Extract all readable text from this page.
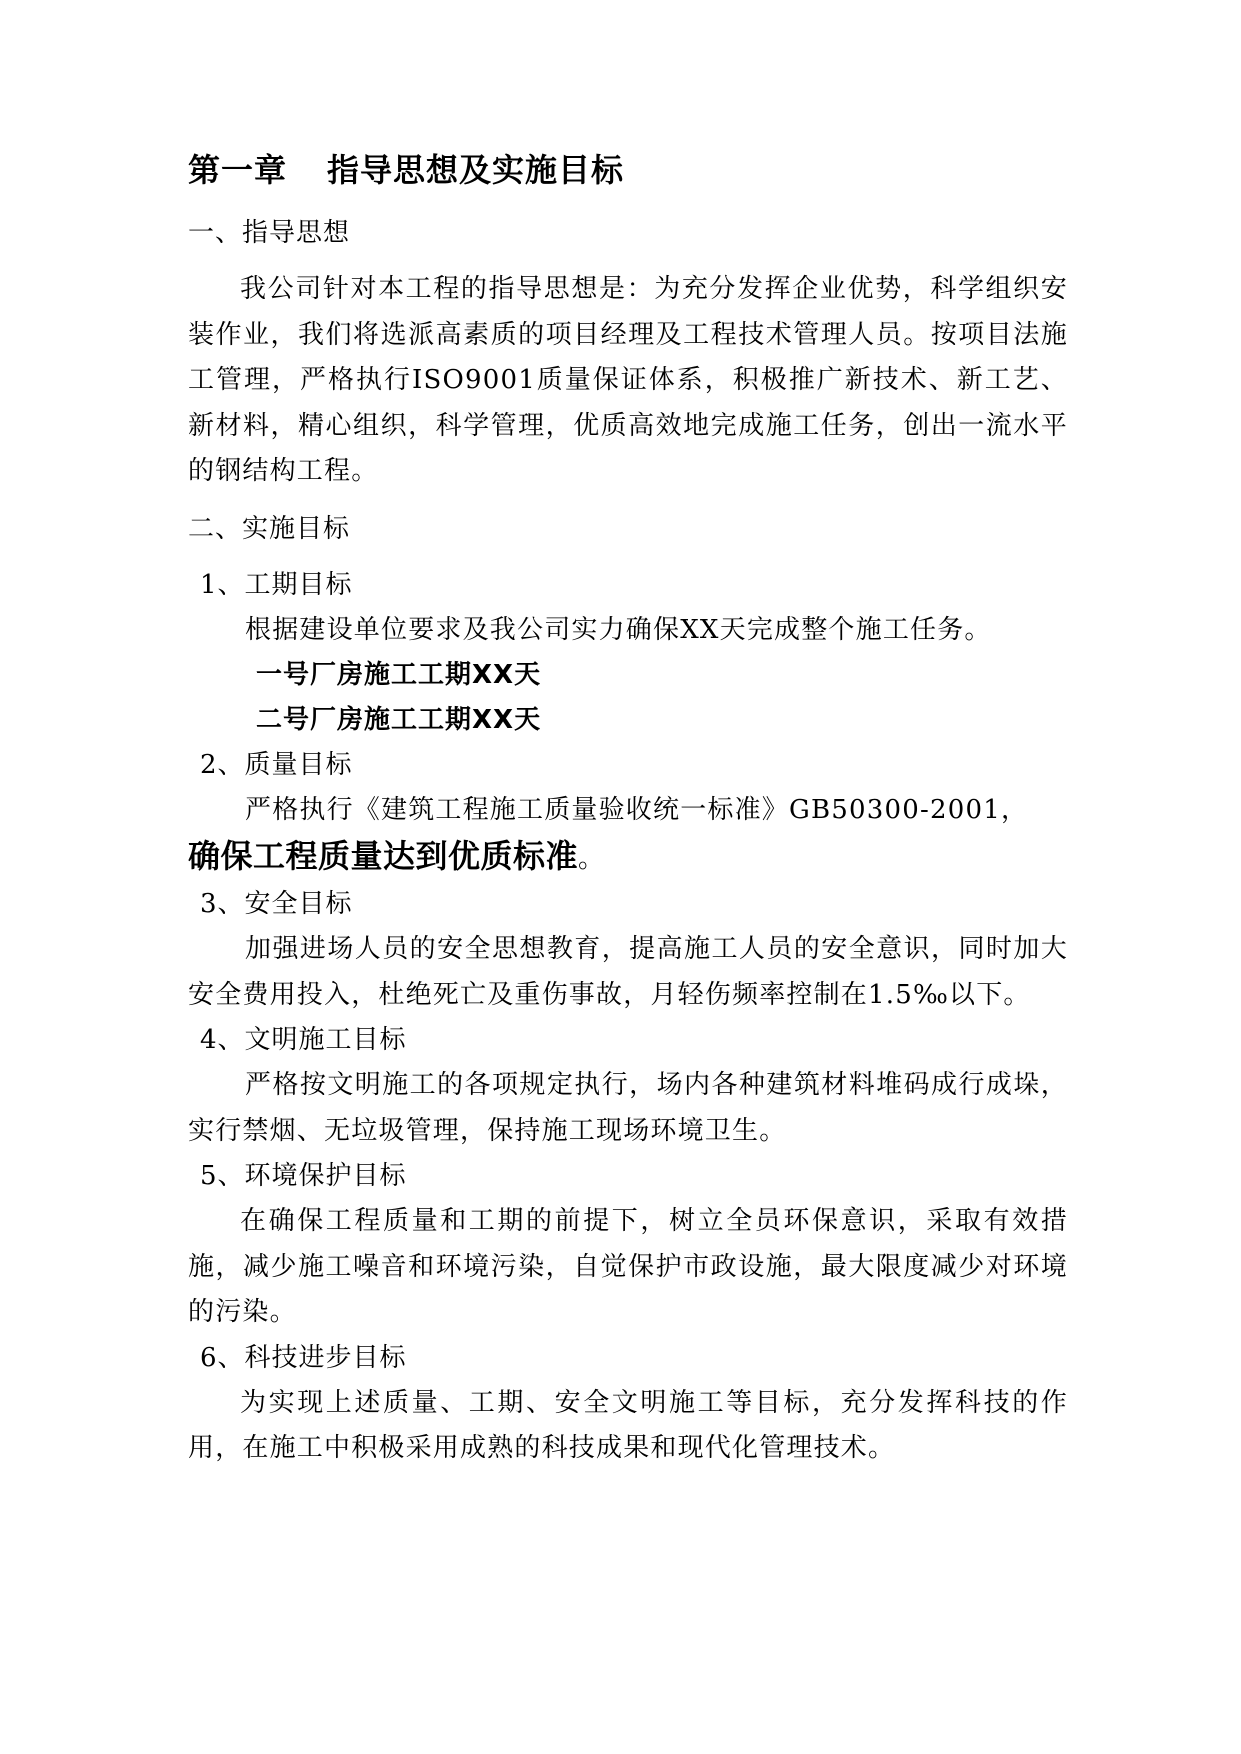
第一章 指导思想及实施目标

一、指导思想

我公司针对本工程的指导思想是：为充分发挥企业优势，科学组织安装作业，我们将选派高素质的项目经理及工程技术管理人员。按项目法施工管理，严格执行ISO9001质量保证体系，积极推广新技术、新工艺、新材料，精心组织，科学管理，优质高效地完成施工任务，创出一流水平的钢结构工程。

二、实施目标

1、工期目标

根据建设单位要求及我公司实力确保XX天完成整个施工任务。

一号厂房施工工期XX天

二号厂房施工工期XX天

2、质量目标

严格执行《建筑工程施工质量验收统一标准》GB50300-2001，

确保工程质量达到优质标准。

3、安全目标

加强进场人员的安全思想教育，提高施工人员的安全意识，同时加大安全费用投入，杜绝死亡及重伤事故，月轻伤频率控制在1.5‰以下。

4、文明施工目标

严格按文明施工的各项规定执行，场内各种建筑材料堆码成行成垛，实行禁烟、无垃圾管理，保持施工现场环境卫生。

5、环境保护目标

在确保工程质量和工期的前提下，树立全员环保意识，采取有效措施，减少施工噪音和环境污染，自觉保护市政设施，最大限度减少对环境的污染。

6、科技进步目标

为实现上述质量、工期、安全文明施工等目标，充分发挥科技的作用，在施工中积极采用成熟的科技成果和现代化管理技术。
